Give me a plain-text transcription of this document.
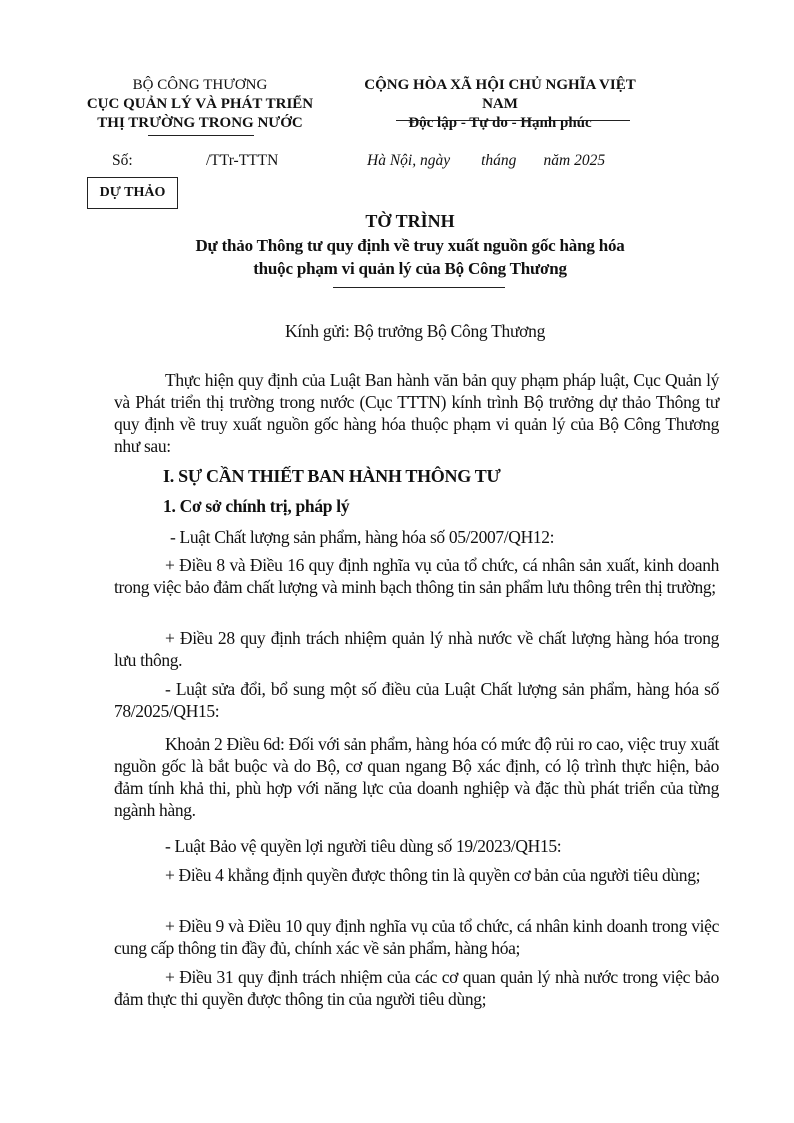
BỘ CÔNG THƯƠNG
CỤC QUẢN LÝ VÀ PHÁT TRIỂN
THỊ TRƯỜNG TRONG NƯỚC
CỘNG HÒA XÃ HỘI CHỦ NGHĨA VIỆT
NAM
Độc lập - Tự do - Hạnh phúc
Số:	/TTr-TTTN	Hà Nội, ngày        tháng       năm 2025
DỰ THẢO
TỜ TRÌNH
Dự thảo Thông tư quy định về truy xuất nguồn gốc hàng hóa
thuộc phạm vi quản lý của Bộ Công Thương
Kính gửi: Bộ trưởng Bộ Công Thương
Thực hiện quy định của Luật Ban hành văn bản quy phạm pháp luật, Cục Quản lý và Phát triển thị trường trong nước (Cục TTTN) kính trình Bộ trưởng dự thảo Thông tư quy định về truy xuất nguồn gốc hàng hóa thuộc phạm vi quản lý của Bộ Công Thương như sau:
I. SỰ CẦN THIẾT BAN HÀNH THÔNG TƯ
1. Cơ sở chính trị, pháp lý
- Luật Chất lượng sản phẩm, hàng hóa số 05/2007/QH12:
+ Điều 8 và Điều 16 quy định nghĩa vụ của tổ chức, cá nhân sản xuất, kinh doanh trong việc bảo đảm chất lượng và minh bạch thông tin sản phẩm lưu thông trên thị trường;
+ Điều 28 quy định trách nhiệm quản lý nhà nước về chất lượng hàng hóa trong lưu thông.
- Luật sửa đổi, bổ sung một số điều của Luật Chất lượng sản phẩm, hàng hóa số 78/2025/QH15:
Khoản 2 Điều 6d: Đối với sản phẩm, hàng hóa có mức độ rủi ro cao, việc truy xuất nguồn gốc là bắt buộc và do Bộ, cơ quan ngang Bộ xác định, có lộ trình thực hiện, bảo đảm tính khả thi, phù hợp với năng lực của doanh nghiệp và đặc thù phát triển của từng ngành hàng.
- Luật Bảo vệ quyền lợi người tiêu dùng số 19/2023/QH15:
+ Điều 4 khẳng định quyền được thông tin là quyền cơ bản của người tiêu dùng;
+ Điều 9 và Điều 10 quy định nghĩa vụ của tổ chức, cá nhân kinh doanh trong việc cung cấp thông tin đầy đủ, chính xác về sản phẩm, hàng hóa;
+ Điều 31 quy định trách nhiệm của các cơ quan quản lý nhà nước trong việc bảo đảm thực thi quyền được thông tin của người tiêu dùng;
